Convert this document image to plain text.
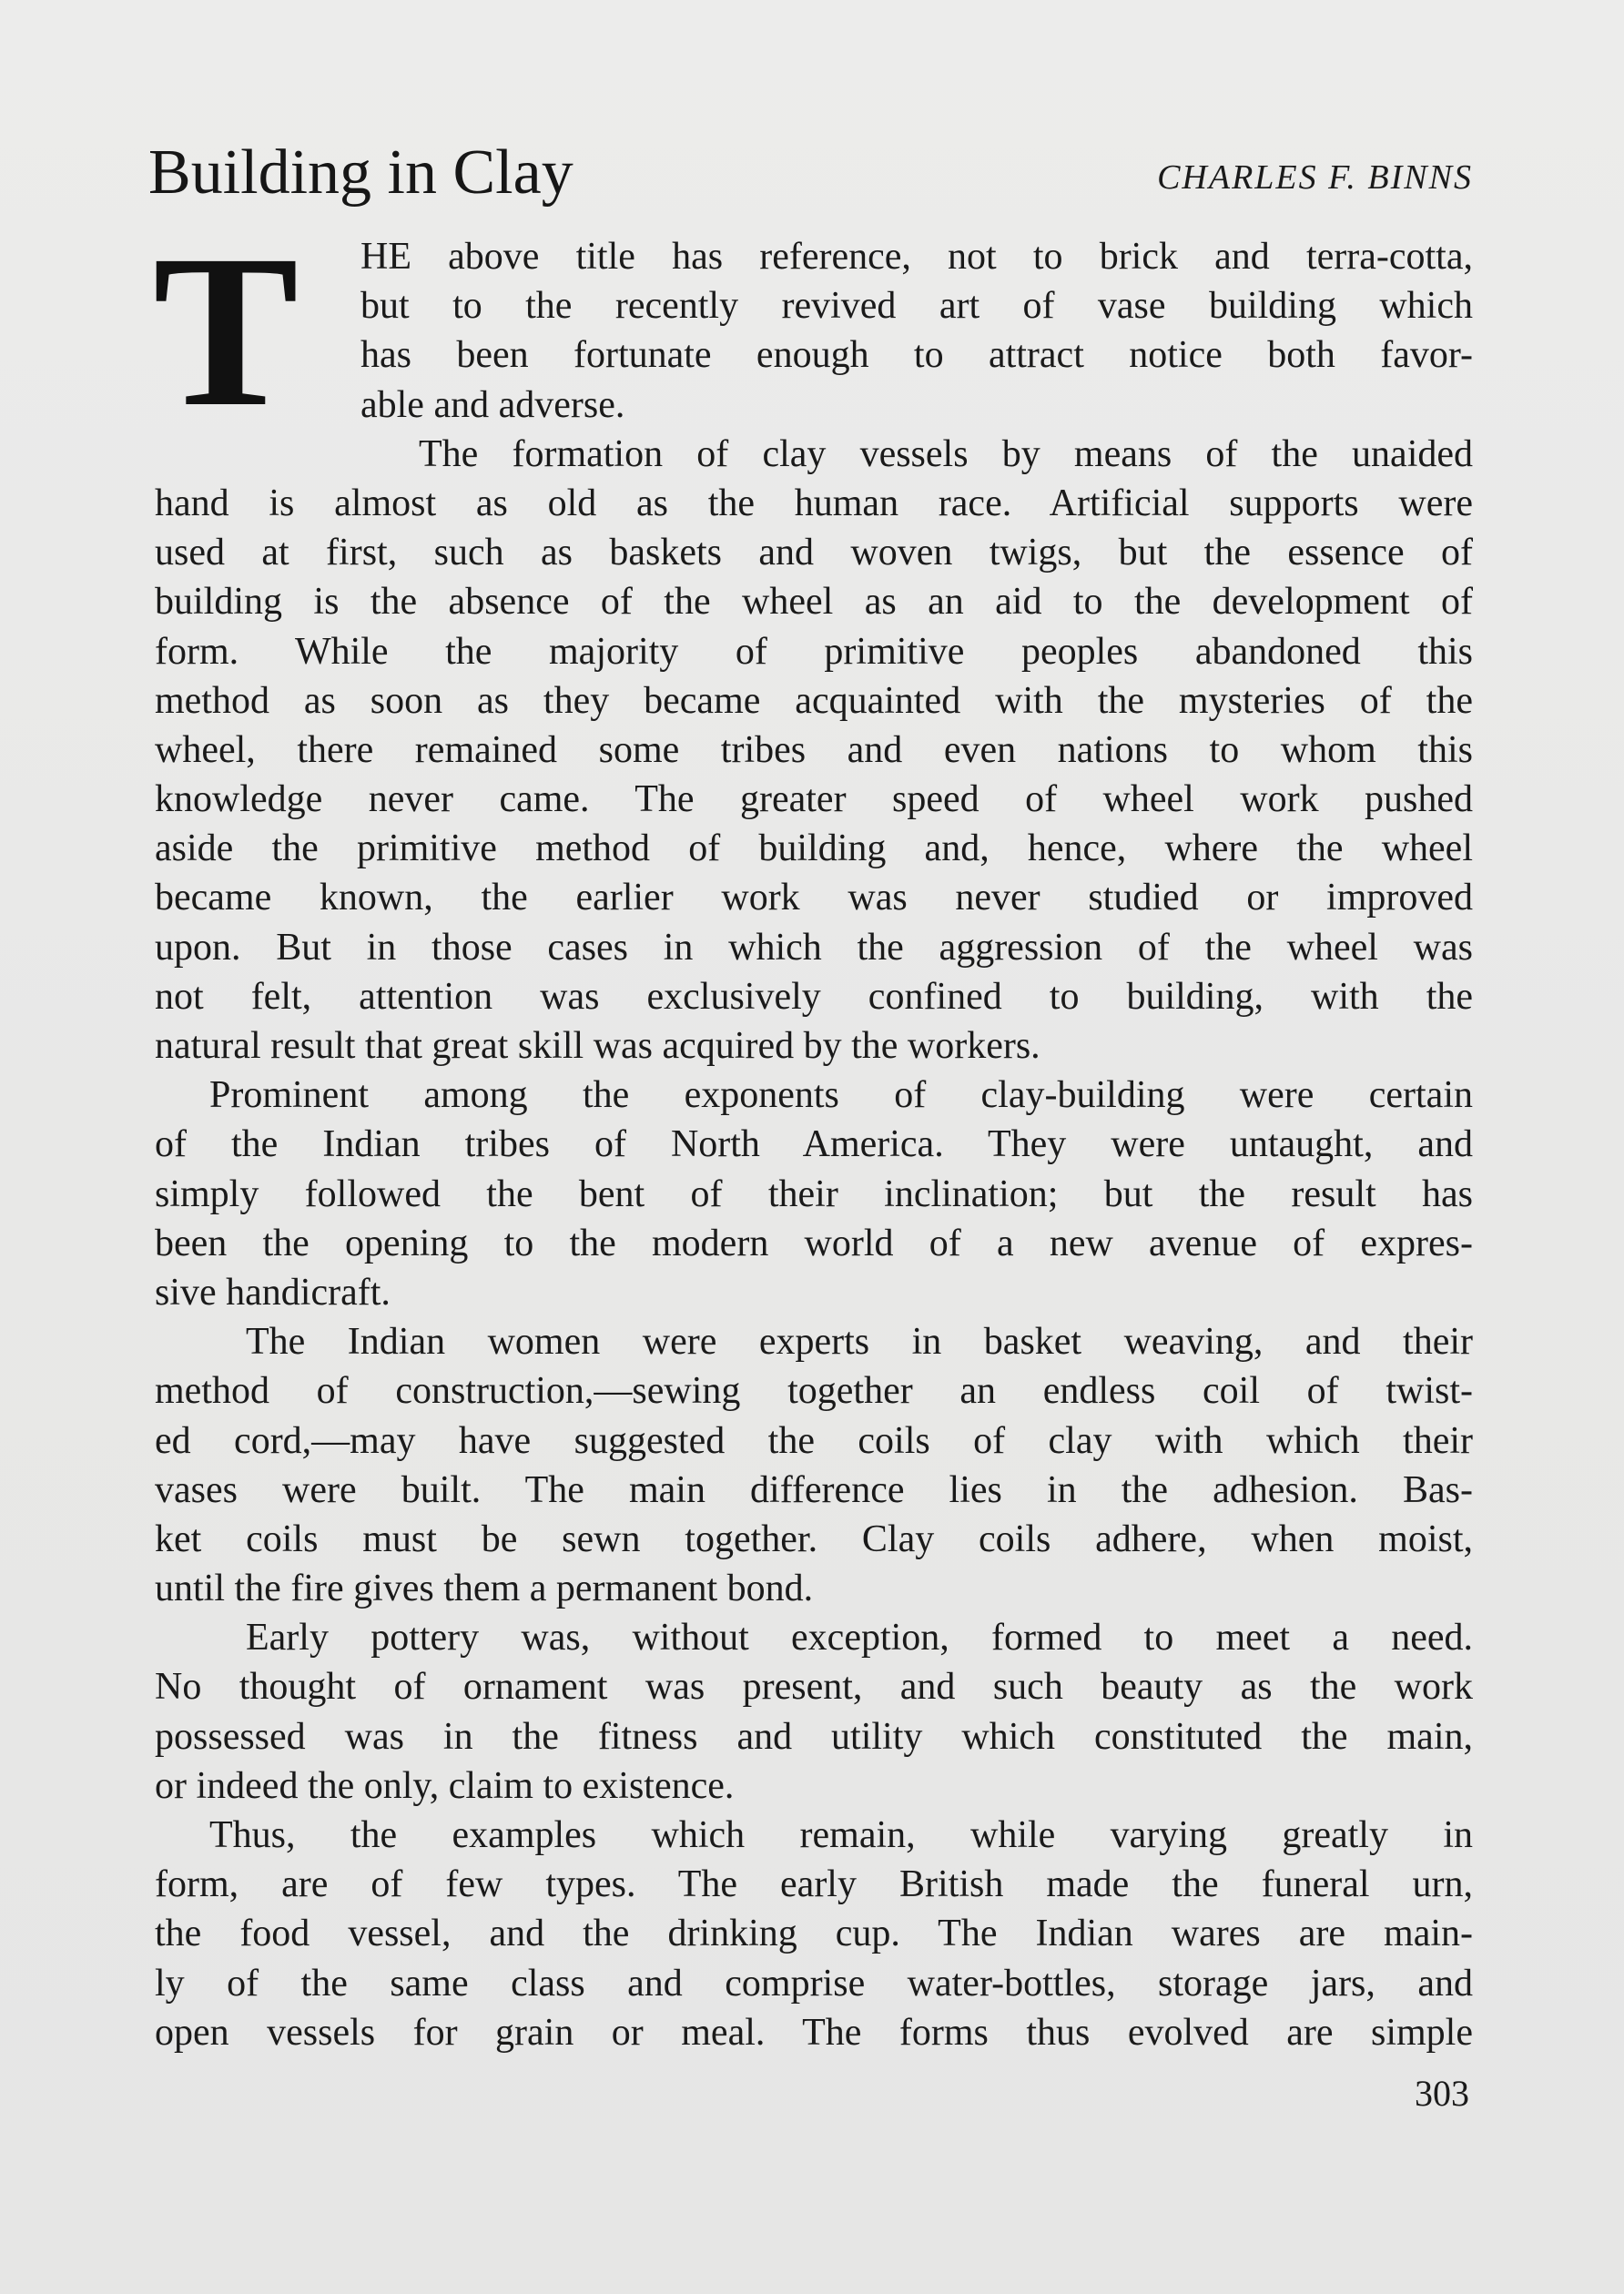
Building in Clay	CHARLES F. BINNS
T	HE above title has reference, not to brick and terra-cotta,
but to the recently revived art of vase building which
has been fortunate enough to attract notice both favor-
able and adverse.
The formation of clay vessels by means of the unaided
hand is almost as old as the human race. Artificial supports were
used at first, such as baskets and woven twigs, but the essence of
building is the absence of the wheel as an aid to the development of
form. While the majority of primitive peoples abandoned this
method as soon as they became acquainted with the mysteries of the
wheel, there remained some tribes and even nations to whom this
knowledge never came. The greater speed of wheel work pushed
aside the primitive method of building and, hence, where the wheel
became known, the earlier work was never studied or improved
upon. But in those cases in which the aggression of the wheel was
not felt, attention was exclusively confined to building, with the
natural result that great skill was acquired by the workers.
Prominent among the exponents of clay-building were certain
of the Indian tribes of North America. They were untaught, and
simply followed the bent of their inclination; but the result has
been the opening to the modern world of a new avenue of expres-
sive handicraft.
The Indian women were experts in basket weaving, and their
method of construction,—sewing together an endless coil of twist-
ed cord,—may have suggested the coils of clay with which their
vases were built. The main difference lies in the adhesion. Bas-
ket coils must be sewn together. Clay coils adhere, when moist,
until the fire gives them a permanent bond.
Early pottery was, without exception, formed to meet a need.
No thought of ornament was present, and such beauty as the work
possessed was in the fitness and utility which constituted the main,
or indeed the only, claim to existence.
Thus, the examples which remain, while varying greatly in
form, are of few types. The early British made the funeral urn,
the food vessel, and the drinking cup. The Indian wares are main-
ly of the same class and comprise water-bottles, storage jars, and
open vessels for grain or meal. The forms thus evolved are simple
303
